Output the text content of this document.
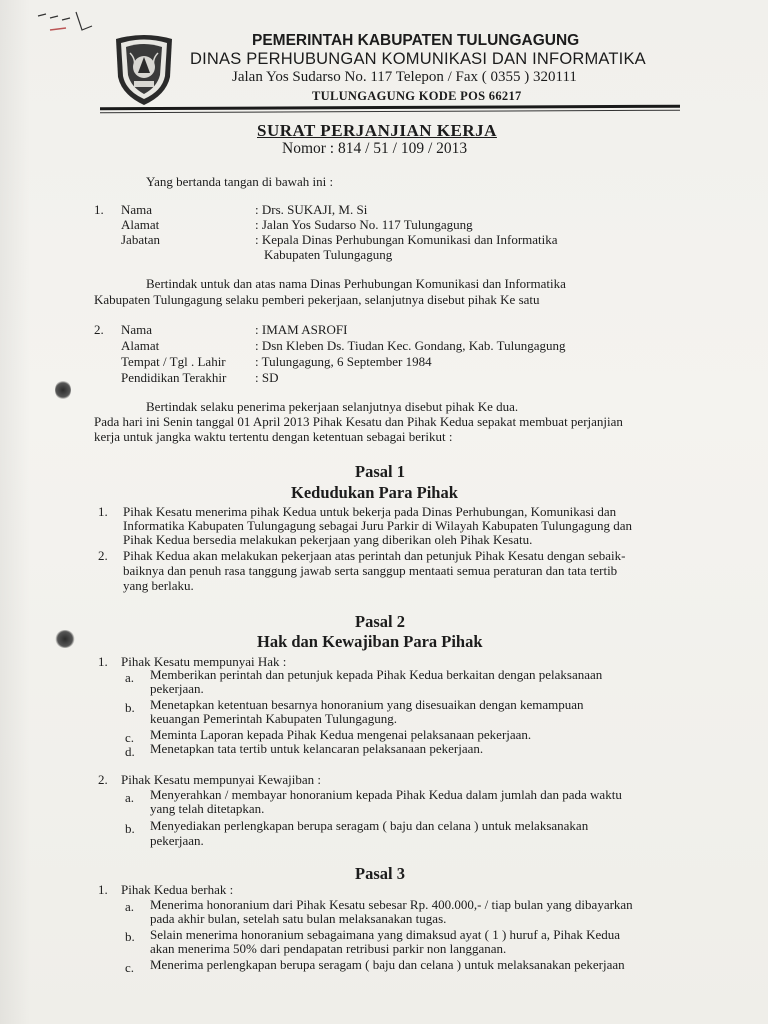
PEMERINTAH KABUPATEN TULUNGAGUNG
DINAS PERHUBUNGAN KOMUNIKASI DAN INFORMATIKA
Jalan Yos Sudarso No. 117 Telepon / Fax ( 0355 ) 320111
TULUNGAGUNG KODE POS 66217
SURAT PERJANJIAN KERJA
Nomor : 814 / 51 / 109 / 2013
Yang bertanda tangan di bawah ini :
1. Nama
Alamat
Jabatan
: Drs. SUKAJI, M. Si
: Jalan Yos Sudarso No. 117 Tulungagung
: Kepala Dinas Perhubungan Komunikasi dan Informatika
Kabupaten Tulungagung
Bertindak untuk dan atas nama Dinas Perhubungan Komunikasi dan Informatika
Kabupaten Tulungagung selaku pemberi pekerjaan, selanjutnya disebut pihak Ke satu
2. Nama
Alamat
Tempat / Tgl . Lahir
Pendidikan Terakhir
: IMAM ASROFI
: Dsn Kleben Ds. Tiudan Kec. Gondang, Kab. Tulungagung
: Tulungagung, 6 September 1984
: SD
Bertindak selaku penerima pekerjaan selanjutnya disebut pihak Ke dua.
Pada hari ini Senin tanggal 01 April 2013 Pihak Kesatu dan Pihak Kedua sepakat membuat perjanjian
kerja untuk jangka waktu tertentu dengan ketentuan sebagai berikut :
Pasal 1
Kedudukan Para Pihak
1. Pihak Kesatu menerima pihak Kedua untuk bekerja pada Dinas Perhubungan, Komunikasi dan
Informatika Kabupaten Tulungagung sebagai Juru Parkir di Wilayah Kabupaten Tulungagung dan
Pihak Kedua bersedia melakukan pekerjaan yang diberikan oleh Pihak Kesatu.
2. Pihak Kedua akan melakukan pekerjaan atas perintah dan petunjuk Pihak Kesatu dengan sebaik-
baiknya dan penuh rasa tanggung jawab serta sanggup mentaati semua peraturan dan tata tertib
yang berlaku.
Pasal 2
Hak dan Kewajiban Para Pihak
1. Pihak Kesatu mempunyai Hak :
a. Memberikan perintah dan petunjuk kepada Pihak Kedua berkaitan dengan pelaksanaan
pekerjaan.
b. Menetapkan ketentuan besarnya honoranium yang disesuaikan dengan kemampuan
keuangan Pemerintah Kabupaten Tulungagung.
c. Meminta Laporan kepada Pihak Kedua mengenai pelaksanaan pekerjaan.
d. Menetapkan tata tertib untuk kelancaran pelaksanaan pekerjaan.
2. Pihak Kesatu mempunyai Kewajiban :
a. Menyerahkan / membayar honoranium kepada Pihak Kedua dalam jumlah dan pada waktu
yang telah ditetapkan.
b. Menyediakan perlengkapan berupa seragam ( baju dan celana ) untuk melaksanakan
pekerjaan.
Pasal 3
1. Pihak Kedua berhak :
a. Menerima honoranium dari Pihak Kesatu sebesar Rp. 400.000,- / tiap bulan yang dibayarkan
pada akhir bulan, setelah satu bulan melaksanakan tugas.
b. Selain menerima honoranium sebagaimana yang dimaksud ayat ( 1 ) huruf a, Pihak Kedua
akan menerima 50% dari pendapatan retribusi parkir non langganan.
c. Menerima perlengkapan berupa seragam ( baju dan celana ) untuk melaksanakan pekerjaan
